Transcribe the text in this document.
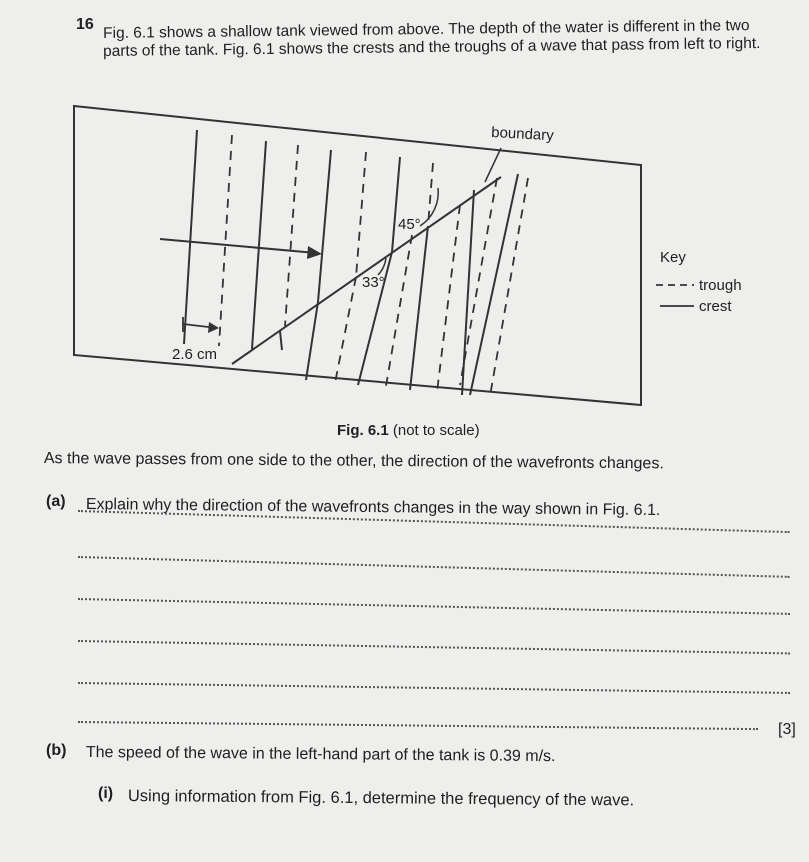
16 Fig. 6.1 shows a shallow tank viewed from above. The depth of the water is different in the two
parts of the tank. Fig. 6.1 shows the crests and the troughs of a wave that pass from left to right.
boundary
45°
33°
2.6 cm
Key
trough
crest
Fig. 6.1 (not to scale)
As the wave passes from one side to the other, the direction of the wavefronts changes.
(a) Explain why the direction of the wavefronts changes in the way shown in Fig. 6.1.
[3]
(b) The speed of the wave in the left-hand part of the tank is 0.39 m/s.
(i) Using information from Fig. 6.1, determine the frequency of the wave.
